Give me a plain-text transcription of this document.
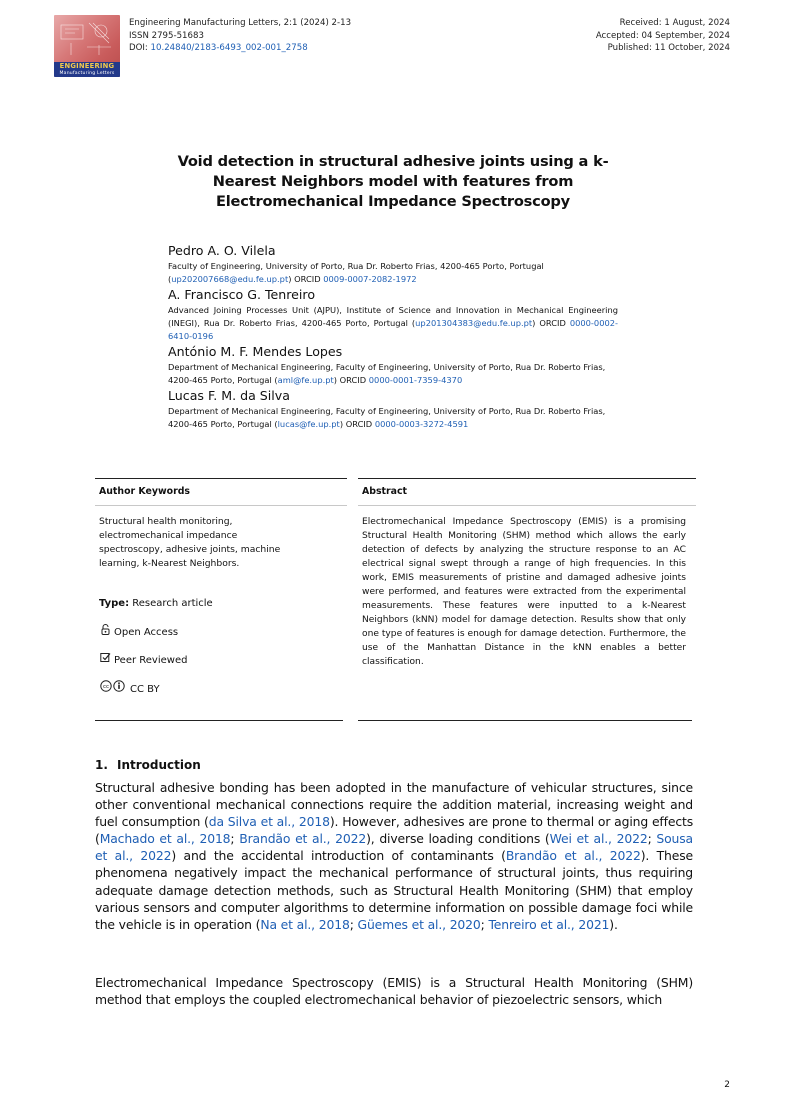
ENGINEERING
Manufacturing Letters
Engineering Manufacturing Letters, 2:1 (2024) 2-13
ISSN 2795-51683
DOI: 10.24840/2183-6493_002-001_2758
Received: 1 August, 2024
Accepted: 04 September, 2024
Published: 11 October, 2024
Void detection in structural adhesive joints using a k-Nearest Neighbors model with features from Electromechanical Impedance Spectroscopy
Pedro A. O. Vilela
Faculty of Engineering, University of Porto, Rua Dr. Roberto Frias, 4200-465 Porto, Portugal
(up202007668@edu.fe.up.pt) ORCID 0009-0007-2082-1972
A. Francisco G. Tenreiro
Advanced Joining Processes Unit (AJPU), Institute of Science and Innovation in Mechanical Engineering (INEGI), Rua Dr. Roberto Frias, 4200-465 Porto, Portugal (up201304383@edu.fe.up.pt) ORCID 0000-0002-6410-0196
António M. F. Mendes Lopes
Department of Mechanical Engineering, Faculty of Engineering, University of Porto, Rua Dr. Roberto Frias, 4200-465 Porto, Portugal (aml@fe.up.pt) ORCID 0000-0001-7359-4370
Lucas F. M. da Silva
Department of Mechanical Engineering, Faculty of Engineering, University of Porto, Rua Dr. Roberto Frias, 4200-465 Porto, Portugal (lucas@fe.up.pt) ORCID 0000-0003-3272-4591
Author Keywords
Structural health monitoring, electromechanical impedance spectroscopy, adhesive joints, machine learning, k-Nearest Neighbors.
Type: Research article
Open Access
Peer Reviewed
cc CC BY
Abstract
Electromechanical Impedance Spectroscopy (EMIS) is a promising Structural Health Monitoring (SHM) method which allows the early detection of defects by analyzing the structure response to an AC electrical signal swept through a range of high frequencies. In this work, EMIS measurements of pristine and damaged adhesive joints were performed, and features were extracted from the experimental measurements. These features were inputted to a k-Nearest Neighbors (kNN) model for damage detection. Results show that only one type of features is enough for damage detection. Furthermore, the use of the Manhattan Distance in the kNN enables a better classification.
1. Introduction
Structural adhesive bonding has been adopted in the manufacture of vehicular structures, since other conventional mechanical connections require the addition material, increasing weight and fuel consumption (da Silva et al., 2018). However, adhesives are prone to thermal or aging effects (Machado et al., 2018; Brandão et al., 2022), diverse loading conditions (Wei et al., 2022; Sousa et al., 2022) and the accidental introduction of contaminants (Brandão et al., 2022). These phenomena negatively impact the mechanical performance of structural joints, thus requiring adequate damage detection methods, such as Structural Health Monitoring (SHM) that employ various sensors and computer algorithms to determine information on possible damage foci while the vehicle is in operation (Na et al., 2018; Güemes et al., 2020; Tenreiro et al., 2021).
Electromechanical Impedance Spectroscopy (EMIS) is a Structural Health Monitoring (SHM) method that employs the coupled electromechanical behavior of piezoelectric sensors, which
2
